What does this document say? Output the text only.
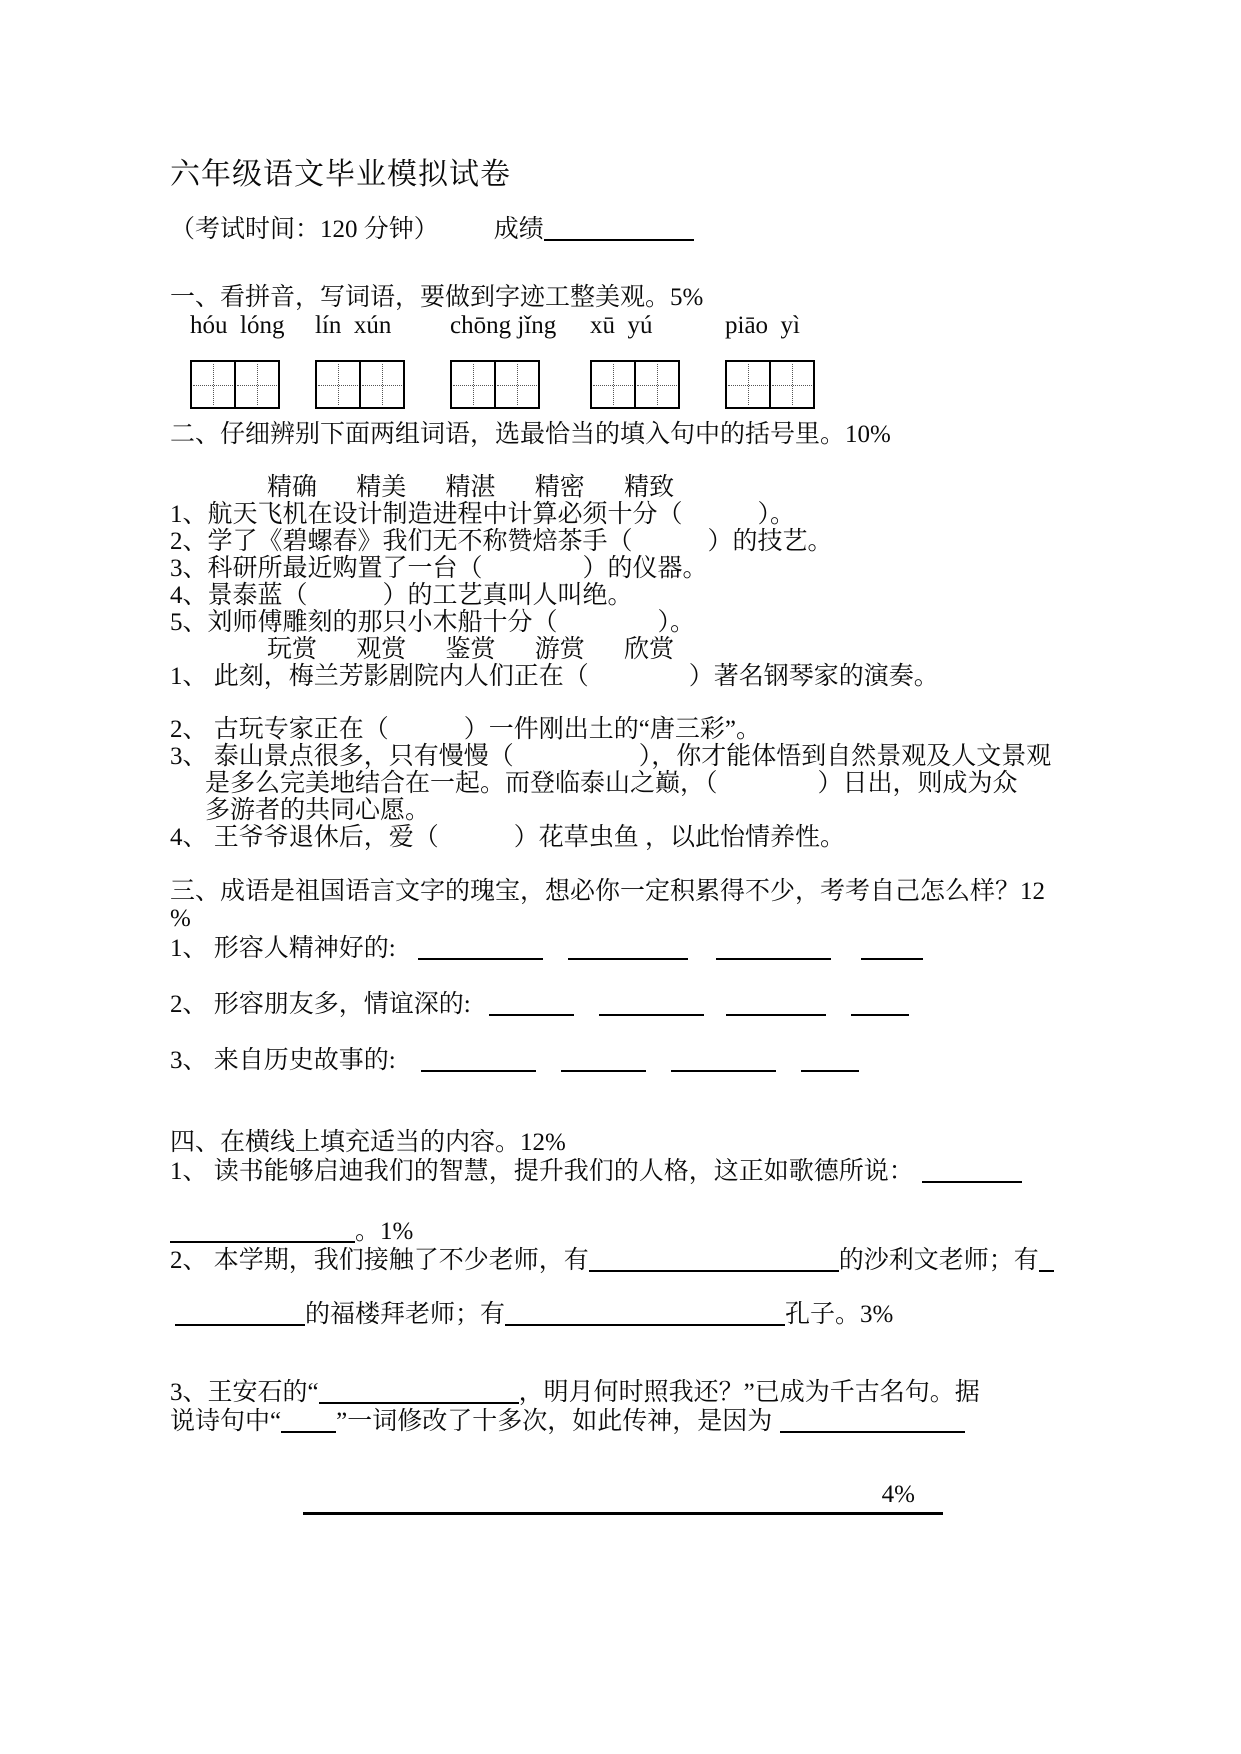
六年级语文毕业模拟试卷
（考试时间：120 分钟） 成绩
一、看拼音，写词语，要做到字迹工整美观。5%
hóu  lóng	lín  xún	chōng jǐng	xū  yú	piāo  yì
二、仔细辨别下面两组词语，选最恰当的填入句中的括号里。10%
精确 精美 精湛 精密 精致
1、航天飞机在设计制造进程中计算必须十分（　　　）。
2、学了《碧螺春》我们无不称赞焙茶手（　　　）的技艺。
3、科研所最近购置了一台（　　　　）的仪器。
4、景泰蓝（　　　）的工艺真叫人叫绝。
5、刘师傅雕刻的那只小木船十分（　　　　）。
玩赏 观赏 鉴赏 游赏 欣赏
1、 此刻，梅兰芳影剧院内人们正在（　　　　）著名钢琴家的演奏。
2、 古玩专家正在（　　　）一件刚出土的“唐三彩”。
3、 泰山景点很多，只有慢慢（　　　　　），你才能体悟到自然景观及人文景观
是多么完美地结合在一起。而登临泰山之巅，（　　　　）日出，则成为众
多游者的共同心愿。
4、 王爷爷退休后，爱（　　　）花草虫鱼 ，以此怡情养性。
三、成语是祖国语言文字的瑰宝，想必你一定积累得不少，考考自己怎么样？12
%
1、 形容人精神好的:
2、 形容朋友多，情谊深的:
3、 来自历史故事的:
四、在横线上填充适当的内容。12%
1、 读书能够启迪我们的智慧，提升我们的人格，这正如歌德所说：
。1%
2、 本学期，我们接触了不少老师，有	的沙利文老师；有
的福楼拜老师；有	孔子。3%
3、王安石的“	，明月何时照我还？”已成为千古名句。据
说诗句中“ ”一词修改了十多次，如此传神，是因为
4%
